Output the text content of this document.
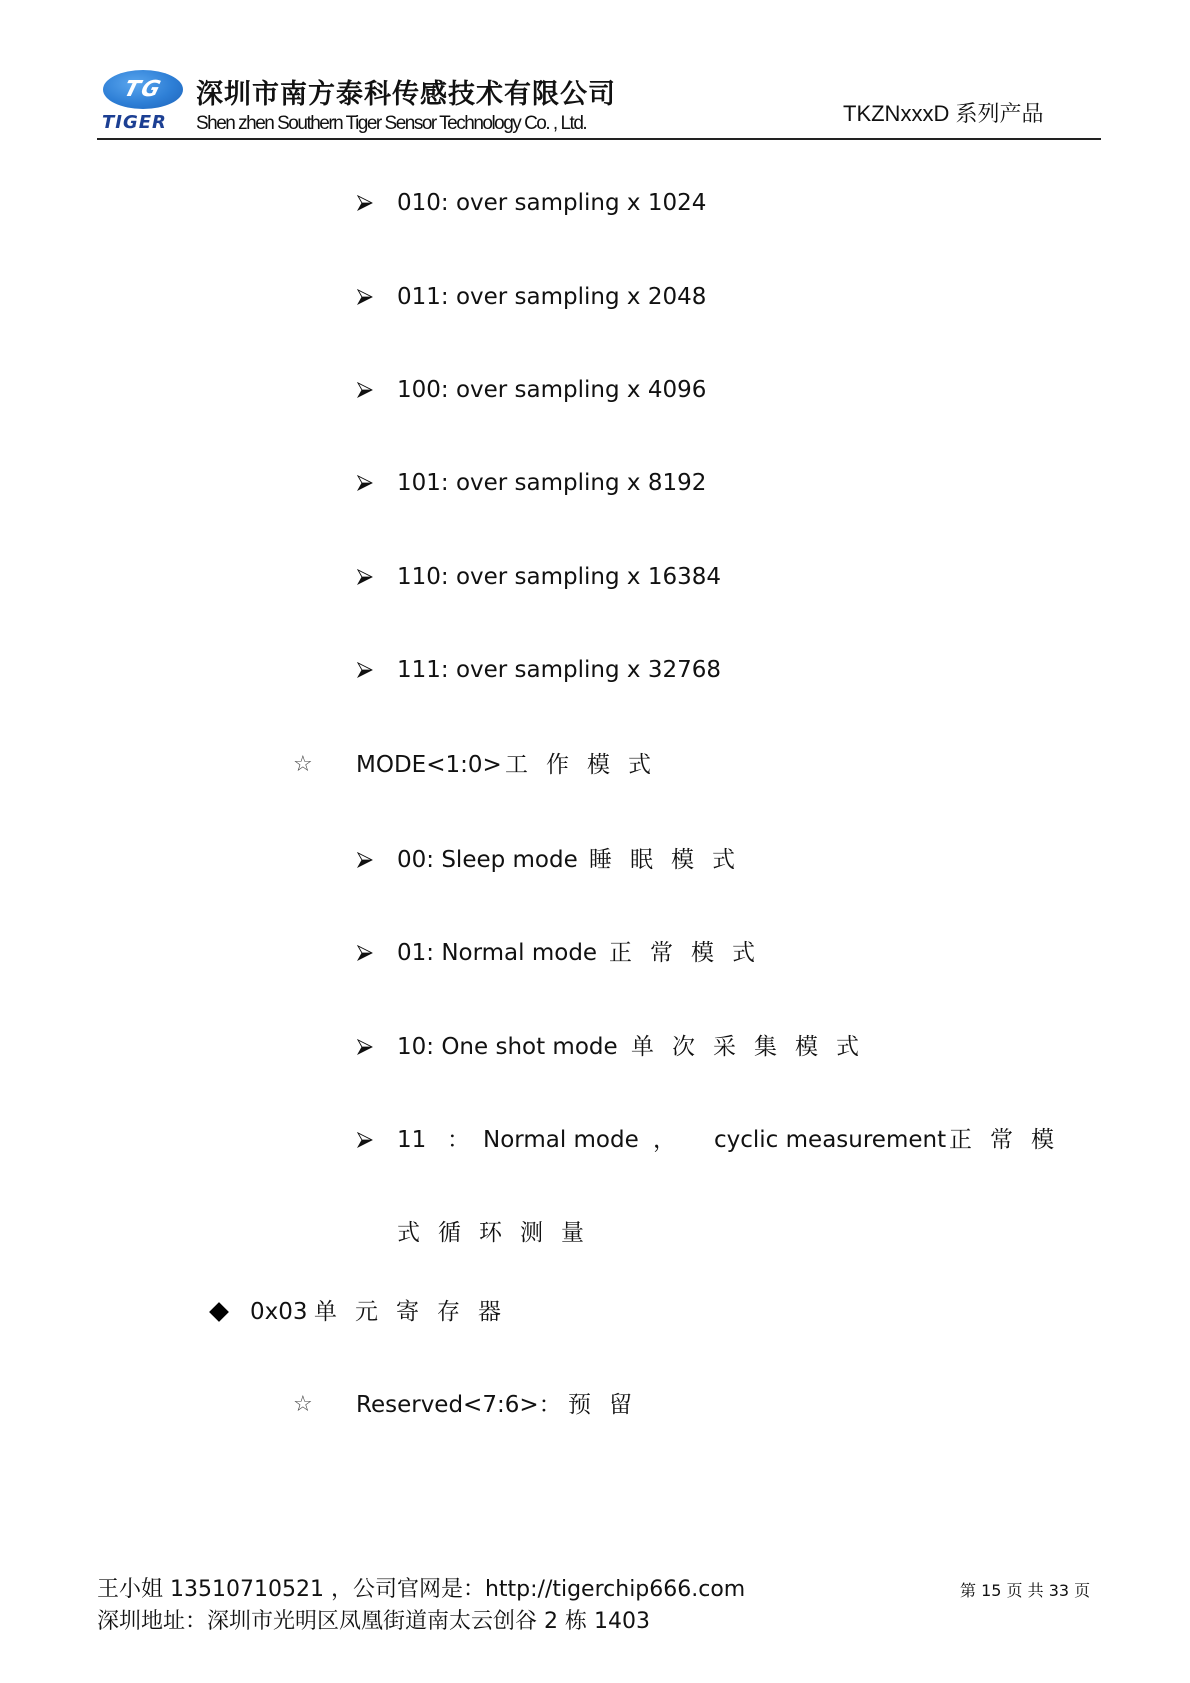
TG
TIGER
深圳市南方泰科传感技术有限公司
Shen zhen Southern Tiger Sensor Technology Co. , Ltd.	TKZNxxxD 系列产品
010: over sampling x 1024
011: over sampling x 2048
100: over sampling x 4096
101: over sampling x 8192
110: over sampling x 16384
111: over sampling x 32768
☆ MODE<1:0> 工作模式
00: Sleep mode 睡眠模式
01: Normal mode 正常模式
10: One shot mode 单次采集模式
11 ： Normal mode ， cyclic measurement 正常模
式循环测量
0x03 单元寄存器
☆ Reserved<7:6>： 预留
王小姐 13510710521 ，公司官网是：http://tigerchip666.com
深圳地址：深圳市光明区凤凰街道南太云创谷 2 栋 1403
第 15 页 共 33 页
